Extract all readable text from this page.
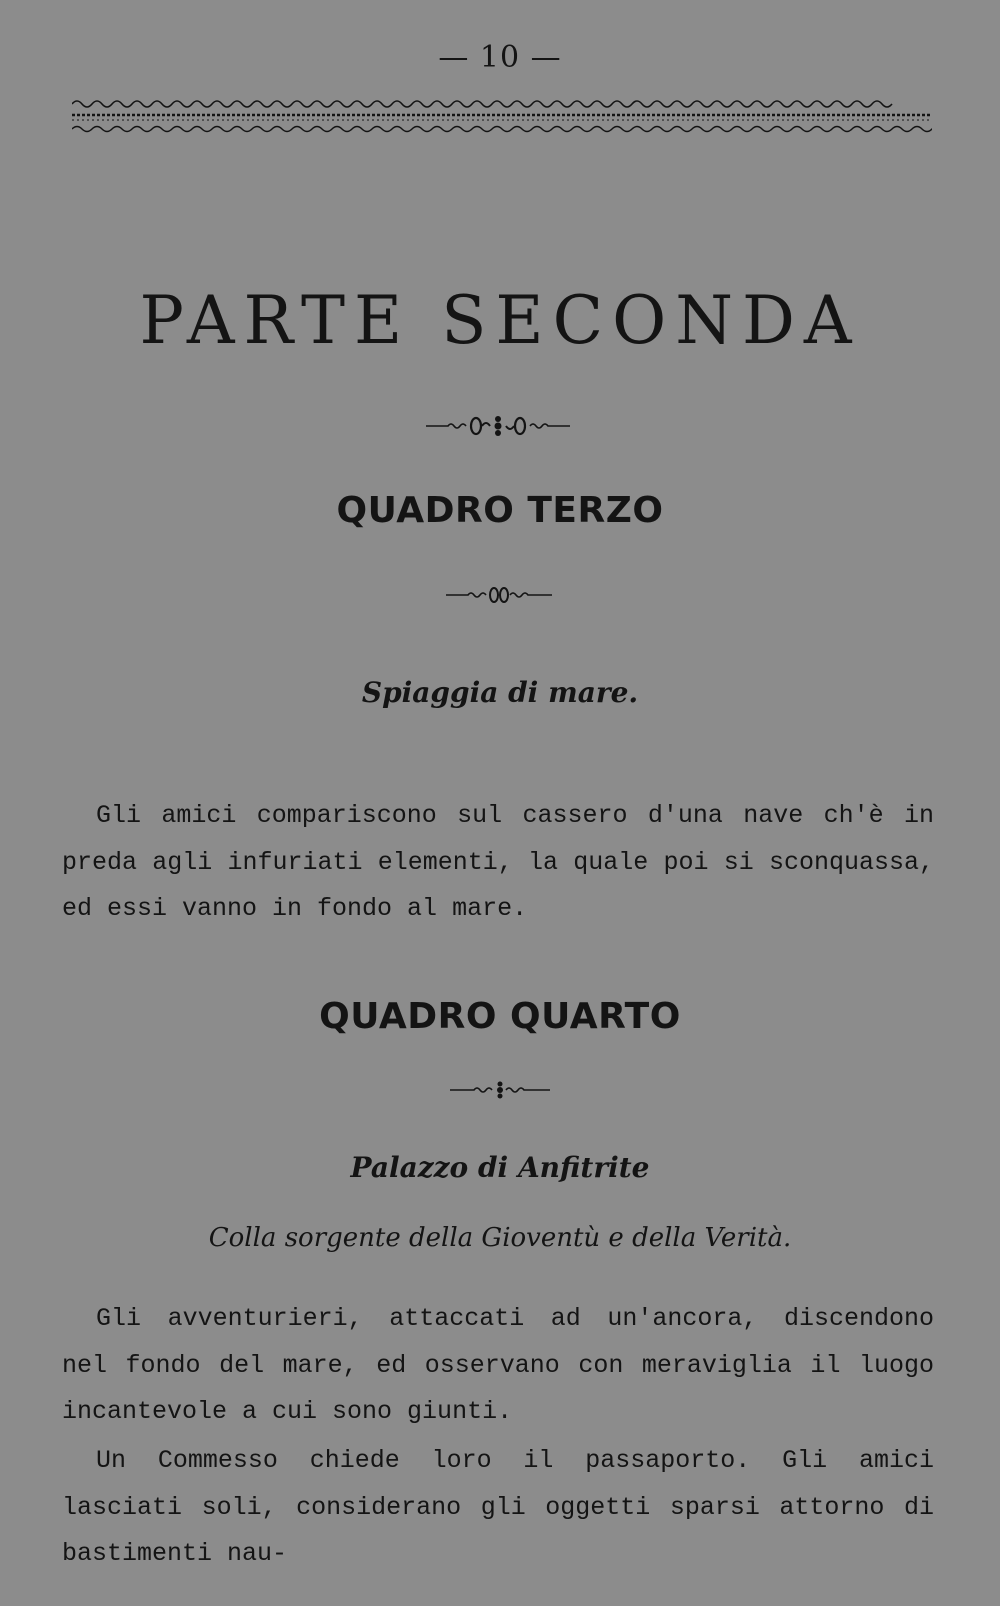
— 10 —
PARTE SECONDA
QUADRO TERZO
Spiaggia di mare.
Gli amici compariscono sul cassero d'una nave ch'è in preda agli infuriati elementi, la quale poi si sconquassa, ed essi vanno in fondo al mare.
QUADRO QUARTO
Palazzo di Anfitrite
Colla sorgente della Gioventù e della Verità.
Gli avventurieri, attaccati ad un'ancora, discendono nel fondo del mare, ed osservano con meraviglia il luogo incantevole a cui sono giunti.
Un Commesso chiede loro il passaporto. Gli amici lasciati soli, considerano gli oggetti sparsi attorno di bastimenti nau-
